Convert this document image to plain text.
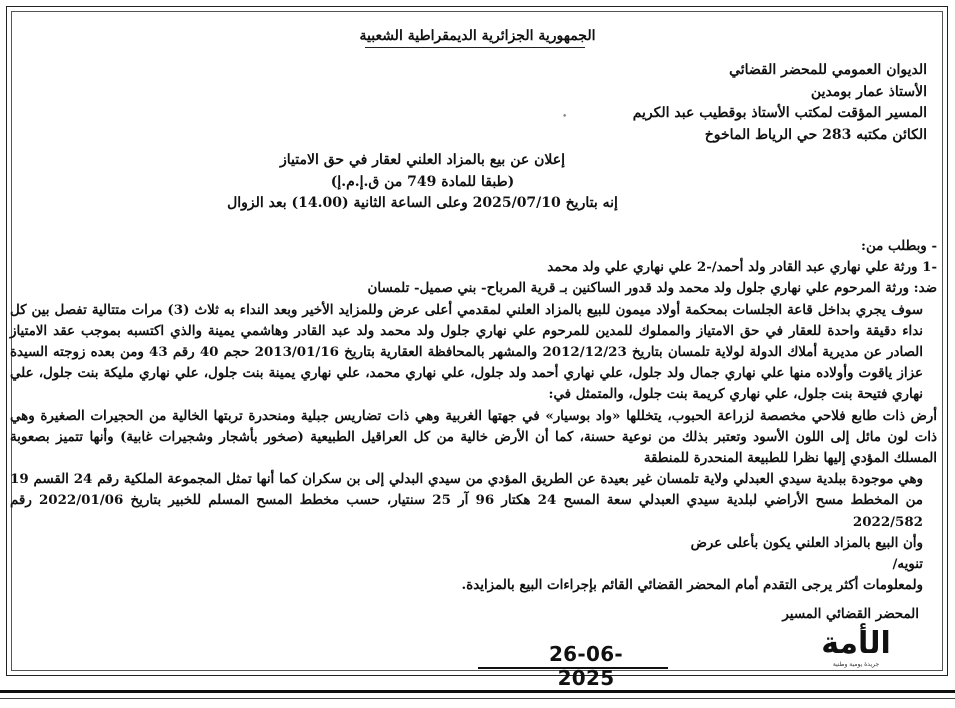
الجمهورية الجزائرية الديمقراطية الشعبية
الديوان العمومي للمحضر القضائي
الأستاذ عمار بومدين
المسير المؤقت لمكتب الأستاذ بوقطيب عبد الكريم
الكائن مكتبه 283 حي الرياط الماخوخ
•
إعلان عن بيع بالمزاد العلني لعقار في حق الامتياز
(طبقا للمادة 749 من ق.إ.م.إ)
إنه بتاريخ 2025/07/10 وعلى الساعة الثانية (14.00) بعد الزوال

- وبطلب من:

-1 ورثة علي نهاري عبد القادر ولد أحمد/-2 علي نهاري علي ولد محمد

ضد: ورثة المرحوم علي نهاري جلول ولد محمد ولد قدور الساكنين بـ قرية المرباح- بني صميل- تلمسان

سوف يجري بداخل قاعة الجلسات بمحكمة أولاد ميمون للبيع بالمزاد العلني لمقدمي أعلى عرض وللمزايد الأخير وبعد النداء به ثلاث (3) مرات متتالية تفصل بين كل نداء دقيقة واحدة للعقار في حق الامتياز والمملوك للمدين للمرحوم علي نهاري جلول ولد محمد ولد عبد القادر وهاشمي يمينة والذي اكتسبه بموجب عقد الامتياز الصادر عن مديرية أملاك الدولة لولاية تلمسان بتاريخ 2012/12/23 والمشهر بالمحافظة العقارية بتاريخ 2013/01/16 حجم 40 رقم 43 ومن بعده زوجته السيدة عزاز ياقوت وأولاده منها علي نهاري جمال ولد جلول، علي نهاري أحمد ولد جلول، علي نهاري محمد، علي نهاري يمينة بنت جلول، علي نهاري مليكة بنت جلول، علي نهاري فتيحة بنت جلول، علي نهاري كريمة بنت جلول، والمتمثل في:

أرض ذات طابع فلاحي مخصصة لزراعة الحبوب، يتخللها «واد بوسيار» في جهتها الغربية وهي ذات تضاريس جبلية ومنحدرة تربتها الخالية من الحجيرات الصغيرة وهي ذات لون مائل إلى اللون الأسود وتعتبر بذلك من نوعية حسنة، كما أن الأرض خالية من كل العراقيل الطبيعية (صخور بأشجار وشجيرات غابية) وأنها تتميز بصعوبة المسلك المؤدي إليها نظرا للطبيعة المنحدرة للمنطقة

وهي موجودة ببلدية سيدي العبدلي ولاية تلمسان غير بعيدة عن الطريق المؤدي من سيدي البدلي إلى بن سكران كما أنها تمثل المجموعة الملكية رقم 24 القسم 19 من المخطط مسح الأراضي لبلدية سيدي العبدلي سعة المسح 24 هكتار 96 آر 25 سنتيار، حسب مخطط المسح المسلم للخبير بتاريخ 2022/01/06 رقم 2022/582

وأن البيع بالمزاد العلني يكون بأعلى عرض

تنويه/

ولمعلومات أكثر يرجى التقدم أمام المحضر القضائي القائم بإجراءات البيع بالمزايدة.

المحضر القضائي المسير
26-06-2025
الأمة
جريدة يومية وطنية
